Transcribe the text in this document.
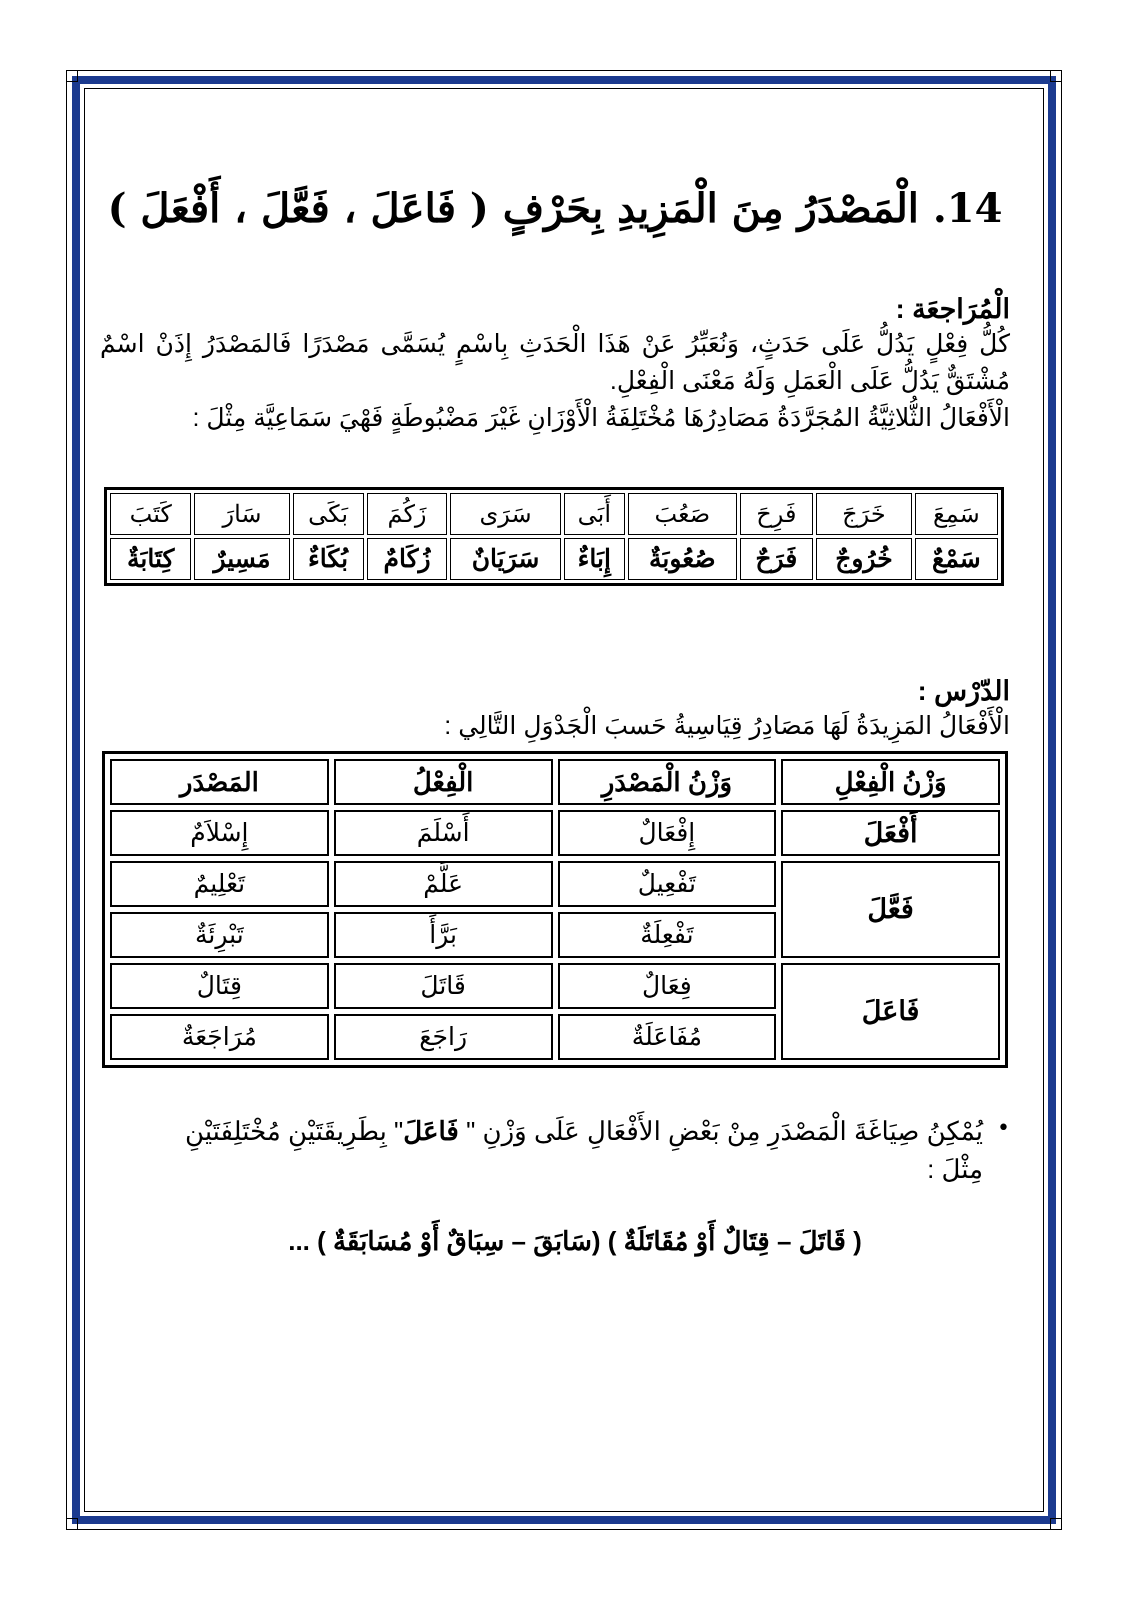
14. الْمَصْدَرُ مِنَ الْمَزِيدِ بِحَرْفٍ ( فَاعَلَ ، فَعَّلَ ، أَفْعَلَ )

الْمُرَاجعَة :

كُلُّ فِعْلٍ يَدُلُّ عَلَى حَدَثٍ، وَنُعَبِّرُ عَنْ هَذَا الْحَدَثِ بِاسْمٍ يُسَمَّى مَصْدَرًا فَالمَصْدَرُ إِذَنْ اسْمٌ مُشْتَقٌّ يَدُلُّ عَلَى الْعَمَلِ وَلَهُ مَعْنَى الْفِعْلِ.

الْأَفْعَالُ الثُّلاثِيَّةُ المُجَرَّدَةُ مَصَادِرُهَا مُخْتَلِفَةُ الْأَوْزَانِ غَيْرَ مَضْبُوطَةٍ فَهْيَ سَمَاعِيَّة مِثْلَ :

سَمِعَ	خَرَجَ	فَرِحَ	صَعُبَ	أَبَى	سَرَى	زَكُمَ	بَكَى	سَارَ	كَتَبَ
سَمْعٌ	خُرُوجٌ	فَرَحٌ	صُعُوبَةٌ	إِبَاءٌ	سَرَيَانٌ	زُكَامٌ	بُكَاءٌ	مَسِيرٌ	كِتَابَةٌ

الدّرْس :

الْأَفْعَالُ المَزِيدَةُ لَهَا مَصَادِرُ قِيَاسِيةُ حَسبَ الْجَدْوَلِ التَّالِي :

وَزْنُ الْفِعْلِ	وَزْنُ الْمَصْدَرِ	الْفِعْلُ	المَصْدَر
أَفْعَلَ	إِفْعَالٌ	أَسْلَمَ	إِسْلاَمٌ
فَعَّلَ	تَفْعِيلٌ	عَلَّمْ	تَعْلِيمٌ
	تَفْعِلَةٌ	بَرَّأَ	تَبْرِئَةٌ
فَاعَلَ	فِعَالٌ	قَاتَلَ	قِتَالٌ
	مُفَاعَلَةٌ	رَاجَعَ	مُرَاجَعَةٌ
•
يُمْكِنُ صِيَاغَةَ الْمَصْدَرِ مِنْ بَعْضِ الأَفْعَالِ عَلَى وَزْنِ " فَاعَلَ" بِطَرِيقَتَيْنِ مُخْتَلِفَتَيْنِ مِثْلَ :

( قَاتَلَ – قِتَالٌ أَوْ مُقَاتَلَةٌ ) (سَابَقَ – سِبَاقٌ أَوْ مُسَابَقَةٌ ) ...
